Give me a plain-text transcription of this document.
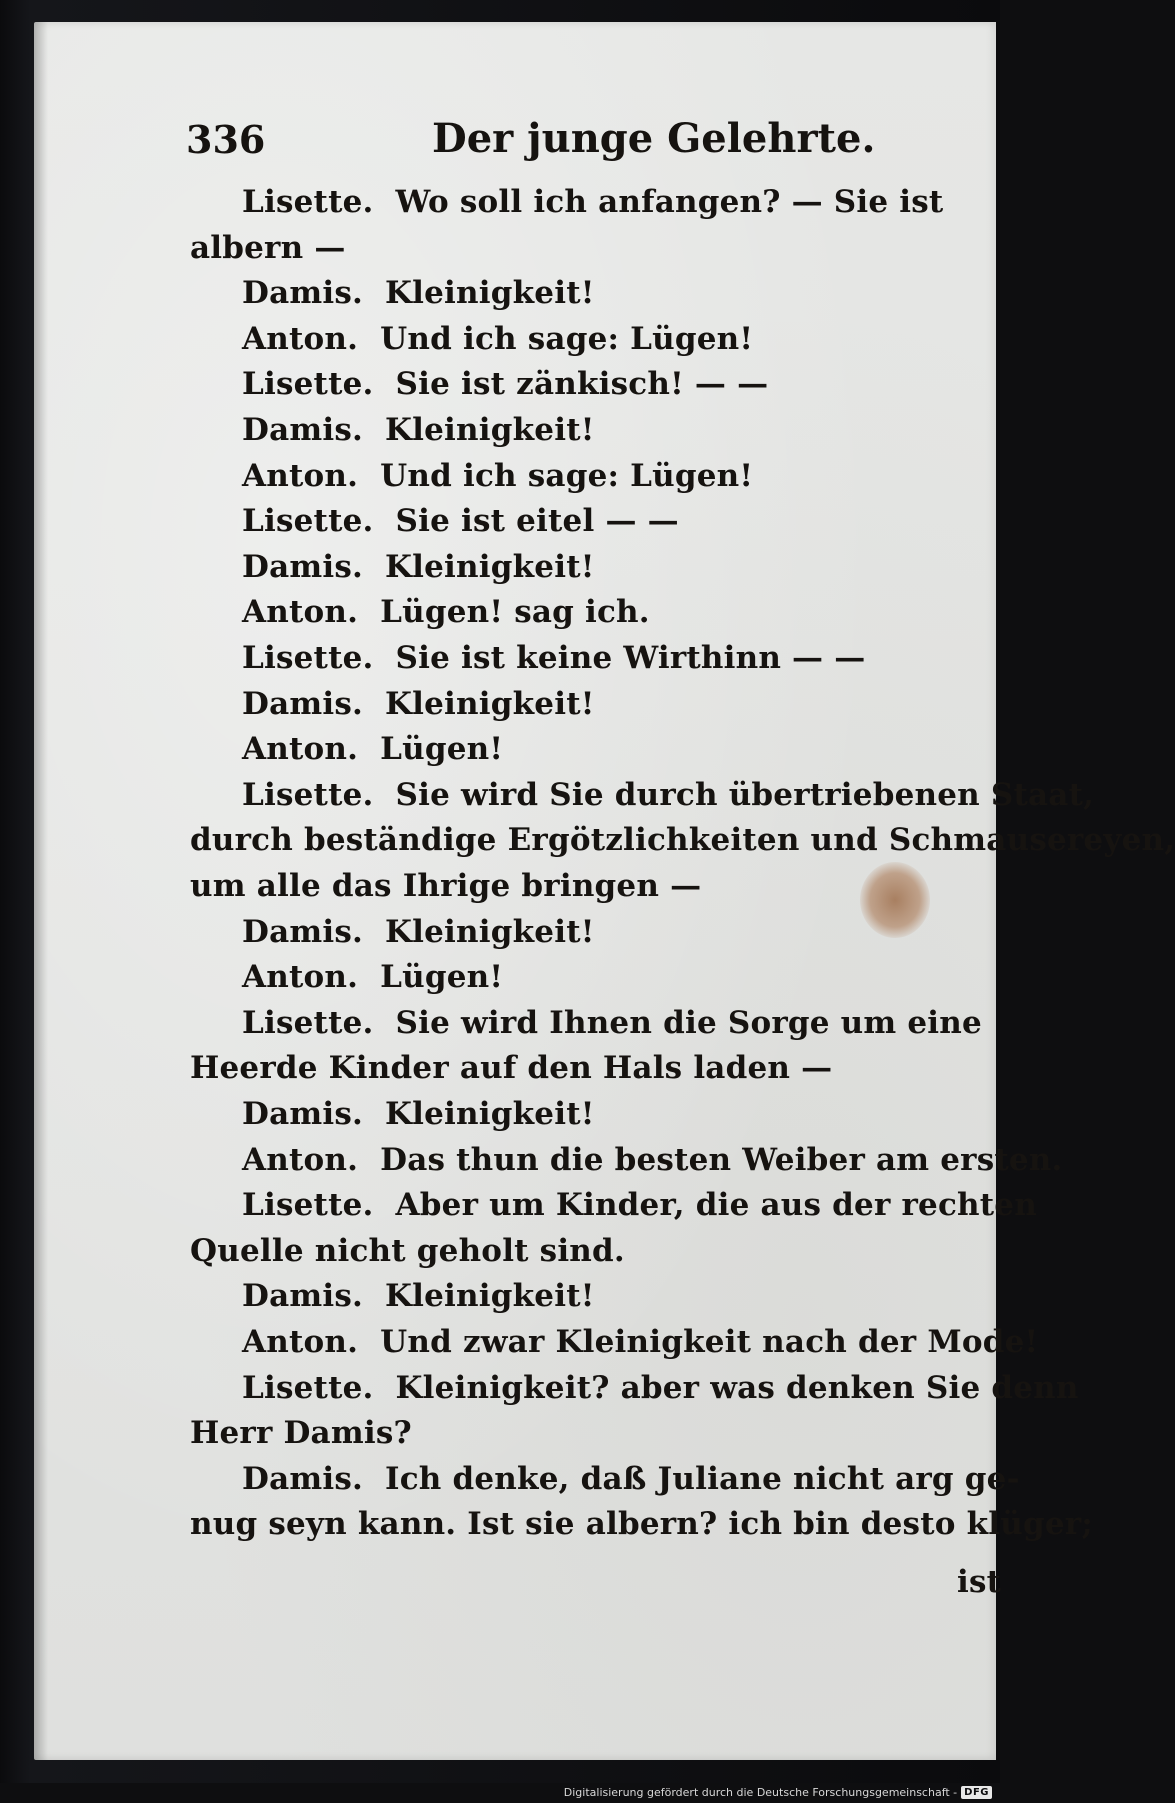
336	Der junge Gelehrte.
Lisette. Wo soll ich anfangen? — Sie ist
albern —
Damis. Kleinigkeit!
Anton. Und ich sage: Lügen!
Lisette. Sie ist zänkisch! — —
Damis. Kleinigkeit!
Anton. Und ich sage: Lügen!
Lisette. Sie ist eitel — —
Damis. Kleinigkeit!
Anton. Lügen! sag ich.
Lisette. Sie ist keine Wirthinn — —
Damis. Kleinigkeit!
Anton. Lügen!
Lisette. Sie wird Sie durch übertriebenen Staat,
durch beständige Ergötzlichkeiten und Schmausereyen,
um alle das Ihrige bringen —
Damis. Kleinigkeit!
Anton. Lügen!
Lisette. Sie wird Ihnen die Sorge um eine
Heerde Kinder auf den Hals laden —
Damis. Kleinigkeit!
Anton. Das thun die besten Weiber am ersten.
Lisette. Aber um Kinder, die aus der rechten
Quelle nicht geholt sind.
Damis. Kleinigkeit!
Anton. Und zwar Kleinigkeit nach der Mode!
Lisette. Kleinigkeit? aber was denken Sie denn
Herr Damis?
Damis. Ich denke, daß Juliane nicht arg ge-
nug seyn kann. Ist sie albern? ich bin desto klüger;
ist
Digitalisierung gefördert durch die Deutsche Forschungsgemeinschaft - DFG
